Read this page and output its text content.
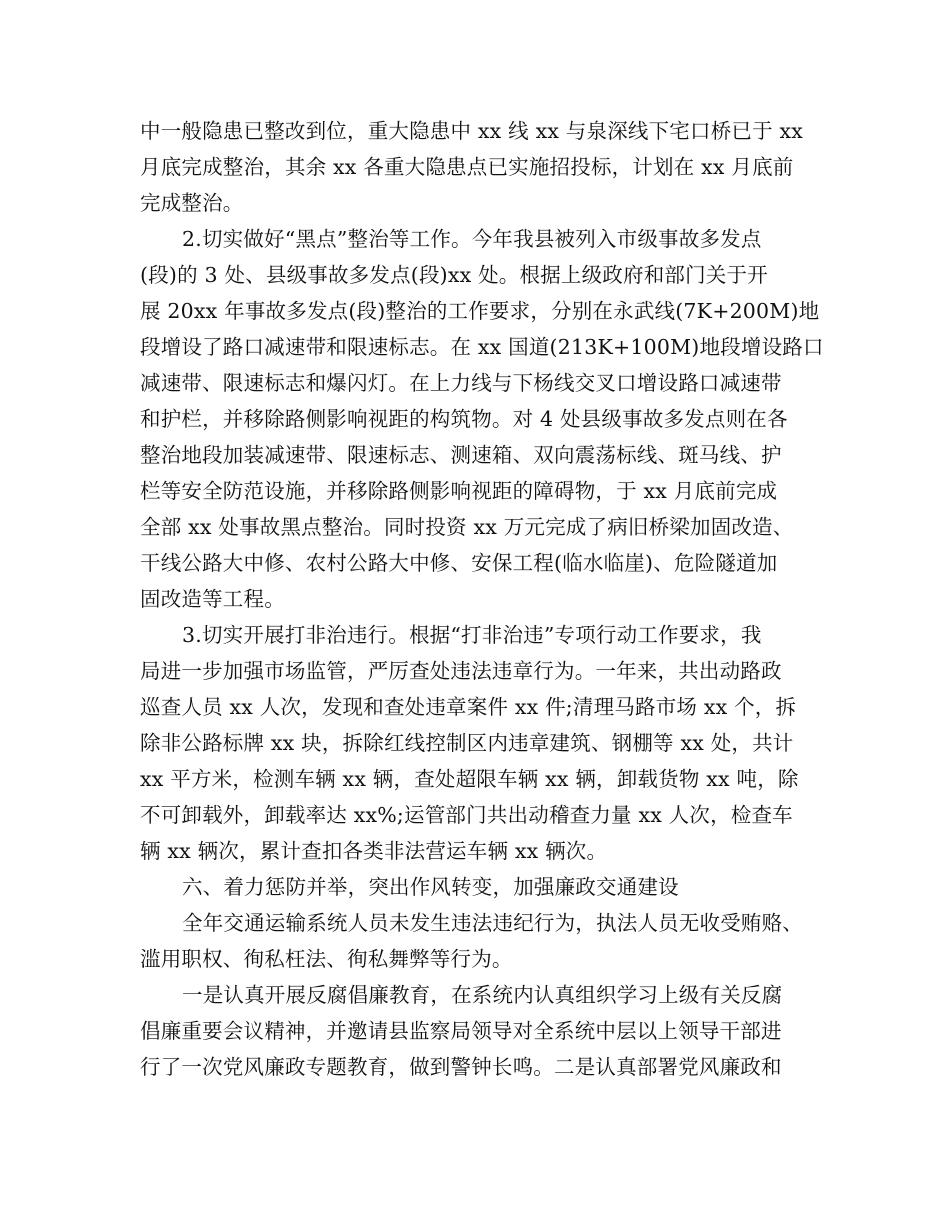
中一般隐患已整改到位，重大隐患中 xx 线 xx 与泉深线下宅口桥已于 xx
月底完成整治，其余 xx 各重大隐患点已实施招投标，计划在 xx 月底前
完成整治。
2.切实做好“黑点”整治等工作。今年我县被列入市级事故多发点
(段)的 3 处、县级事故多发点(段)xx 处。根据上级政府和部门关于开
展 20xx 年事故多发点(段)整治的工作要求，分别在永武线(7K+200M)地
段增设了路口减速带和限速标志。在 xx 国道(213K+100M)地段增设路口
减速带、限速标志和爆闪灯。在上力线与下杨线交叉口增设路口减速带
和护栏，并移除路侧影响视距的构筑物。对 4 处县级事故多发点则在各
整治地段加装减速带、限速标志、测速箱、双向震荡标线、斑马线、护
栏等安全防范设施，并移除路侧影响视距的障碍物，于 xx 月底前完成
全部 xx 处事故黑点整治。同时投资 xx 万元完成了病旧桥梁加固改造、
干线公路大中修、农村公路大中修、安保工程(临水临崖)、危险隧道加
固改造等工程。
3.切实开展打非治违行。根据“打非治违”专项行动工作要求，我
局进一步加强市场监管，严厉查处违法违章行为。一年来，共出动路政
巡查人员 xx 人次，发现和查处违章案件 xx 件;清理马路市场 xx 个，拆
除非公路标牌 xx 块，拆除红线控制区内违章建筑、钢棚等 xx 处，共计
xx 平方米，检测车辆 xx 辆，查处超限车辆 xx 辆，卸载货物 xx 吨，除
不可卸载外，卸载率达 xx%;运管部门共出动稽查力量 xx 人次，检查车
辆 xx 辆次，累计查扣各类非法营运车辆 xx 辆次。
六、着力惩防并举，突出作风转变，加强廉政交通建设
全年交通运输系统人员未发生违法违纪行为，执法人员无收受贿赂、
滥用职权、徇私枉法、徇私舞弊等行为。
一是认真开展反腐倡廉教育，在系统内认真组织学习上级有关反腐
倡廉重要会议精神，并邀请县监察局领导对全系统中层以上领导干部进
行了一次党风廉政专题教育，做到警钟长鸣。二是认真部署党风廉政和
